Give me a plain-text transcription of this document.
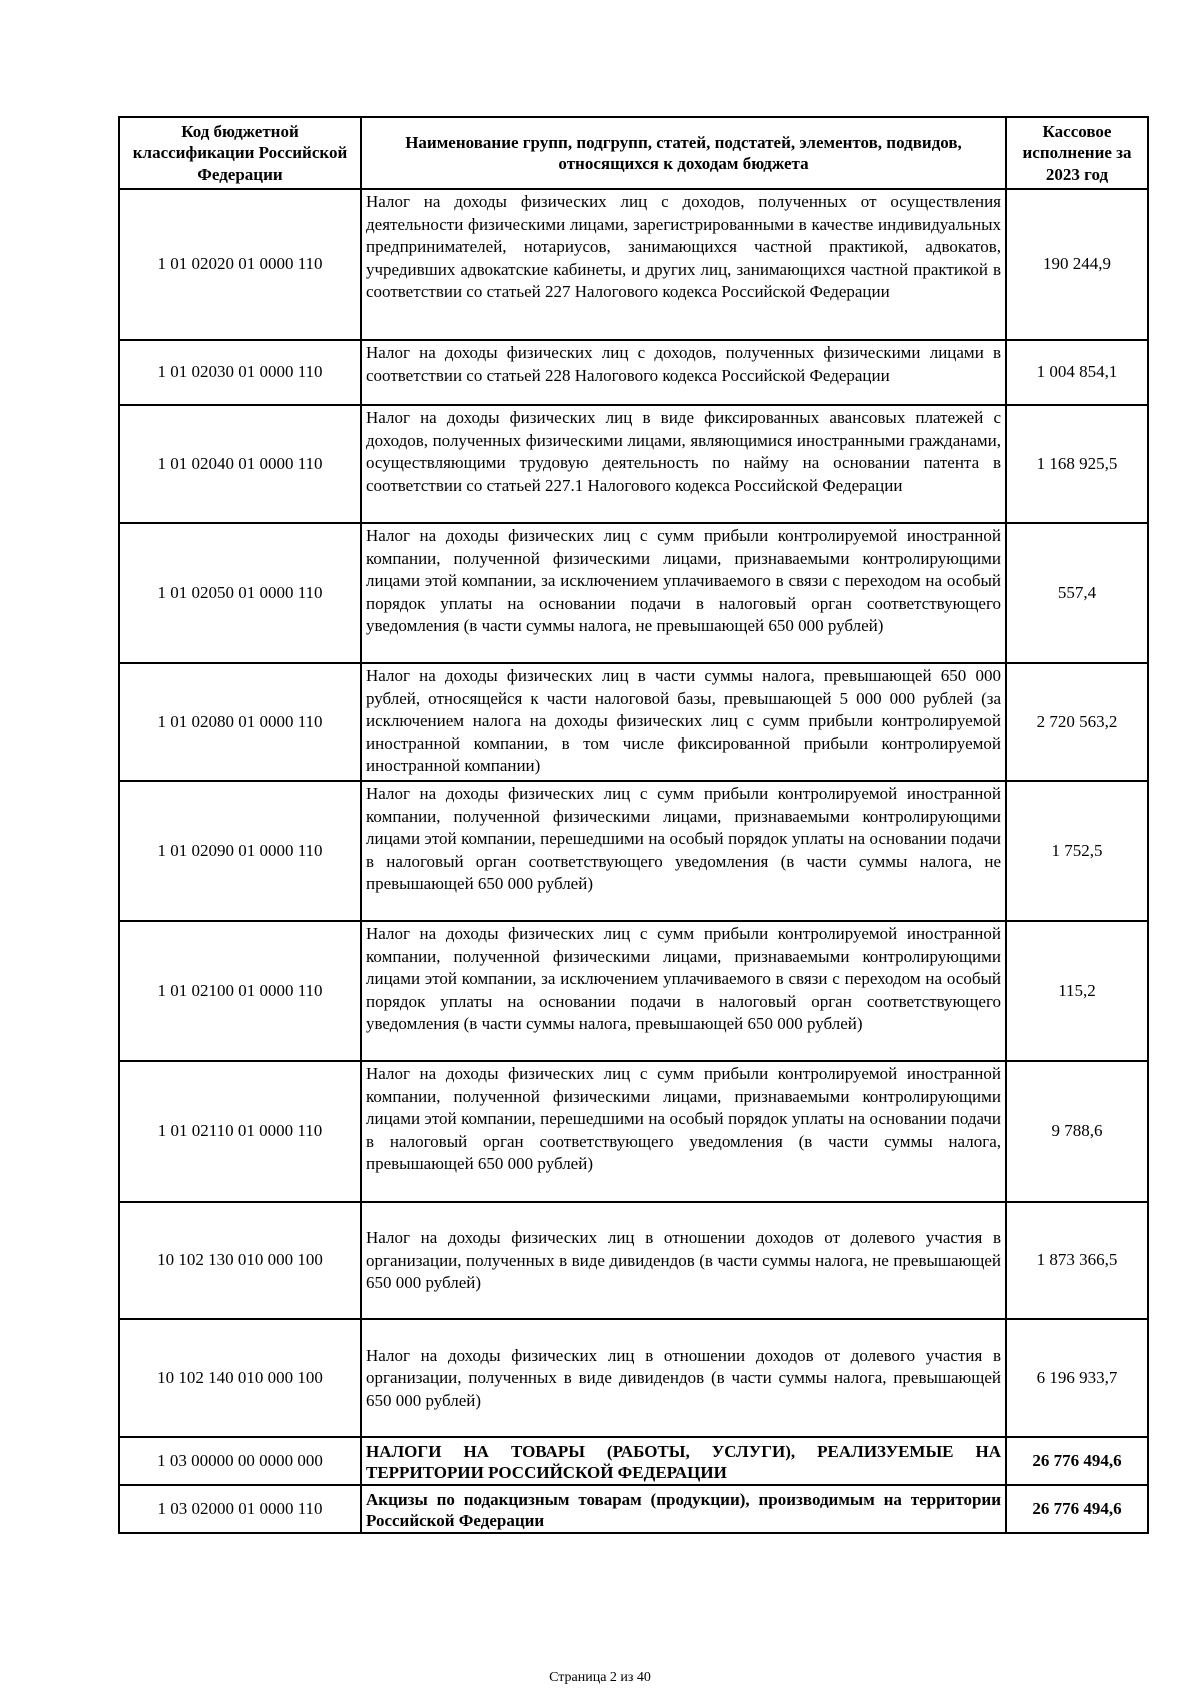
Код бюджетной классификации Российской Федерации	Наименование групп, подгрупп, статей, подстатей, элементов, подвидов, относящихся к доходам бюджета	Кассовое исполнение за 2023 год
1 01 02020 01 0000 110	Налог на доходы физических лиц с доходов, полученных от осуществления деятельности физическими лицами, зарегистрированными в качестве индивидуальных предпринимателей, нотариусов, занимающихся частной практикой, адвокатов, учредивших адвокатские кабинеты, и других лиц, занимающихся частной практикой в соответствии со статьей 227 Налогового кодекса Российской Федерации	190 244,9
1 01 02030 01 0000 110	Налог на доходы физических лиц с доходов, полученных физическими лицами в соответствии со статьей 228 Налогового кодекса Российской Федерации	1 004 854,1
1 01 02040 01 0000 110	Налог на доходы физических лиц в виде фиксированных авансовых платежей с доходов, полученных физическими лицами, являющимися иностранными гражданами, осуществляющими трудовую деятельность по найму на основании патента в соответствии со статьей 227.1 Налогового кодекса Российской Федерации	1 168 925,5
1 01 02050 01 0000 110	Налог на доходы физических лиц с сумм прибыли контролируемой иностранной компании, полученной физическими лицами, признаваемыми контролирующими лицами этой компании, за исключением уплачиваемого в связи с переходом на особый порядок уплаты на основании подачи в налоговый орган соответствующего уведомления (в части суммы налога, не превышающей 650 000 рублей)	557,4
1 01 02080 01 0000 110	Налог на доходы физических лиц в части суммы налога, превышающей 650 000 рублей, относящейся к части налоговой базы, превышающей 5 000 000 рублей (за исключением налога на доходы физических лиц с сумм прибыли контролируемой иностранной компании, в том числе фиксированной прибыли контролируемой иностранной компании)	2 720 563,2
1 01 02090 01 0000 110	Налог на доходы физических лиц с сумм прибыли контролируемой иностранной компании, полученной физическими лицами, признаваемыми контролирующими лицами этой компании, перешедшими на особый порядок уплаты на основании подачи в налоговый орган соответствующего уведомления (в части суммы налога, не превышающей 650 000 рублей)	1 752,5
1 01 02100 01 0000 110	Налог на доходы физических лиц с сумм прибыли контролируемой иностранной компании, полученной физическими лицами, признаваемыми контролирующими лицами этой компании, за исключением уплачиваемого в связи с переходом на особый порядок уплаты на основании подачи в налоговый орган соответствующего уведомления (в части суммы налога, превышающей 650 000 рублей)	115,2
1 01 02110 01 0000 110	Налог на доходы физических лиц с сумм прибыли контролируемой иностранной компании, полученной физическими лицами, признаваемыми контролирующими лицами этой компании, перешедшими на особый порядок уплаты на основании подачи в налоговый орган соответствующего уведомления (в части суммы налога, превышающей 650 000 рублей)	9 788,6
10 102 130 010 000 100	Налог на доходы физических лиц в отношении доходов от долевого участия в организации, полученных в виде дивидендов (в части суммы налога, не превышающей 650 000 рублей)	1 873 366,5
10 102 140 010 000 100	Налог на доходы физических лиц в отношении доходов от долевого участия в организации, полученных в виде дивидендов (в части суммы налога, превышающей 650 000 рублей)	6 196 933,7
1 03 00000 00 0000 000	НАЛОГИ НА ТОВАРЫ (РАБОТЫ, УСЛУГИ), РЕАЛИЗУЕМЫЕ НА ТЕРРИТОРИИ РОССИЙСКОЙ ФЕДЕРАЦИИ	26 776 494,6
1 03 02000 01 0000 110	Акцизы по подакцизным товарам (продукции), производимым на территории Российской Федерации	26 776 494,6
Страница 2 из 40
